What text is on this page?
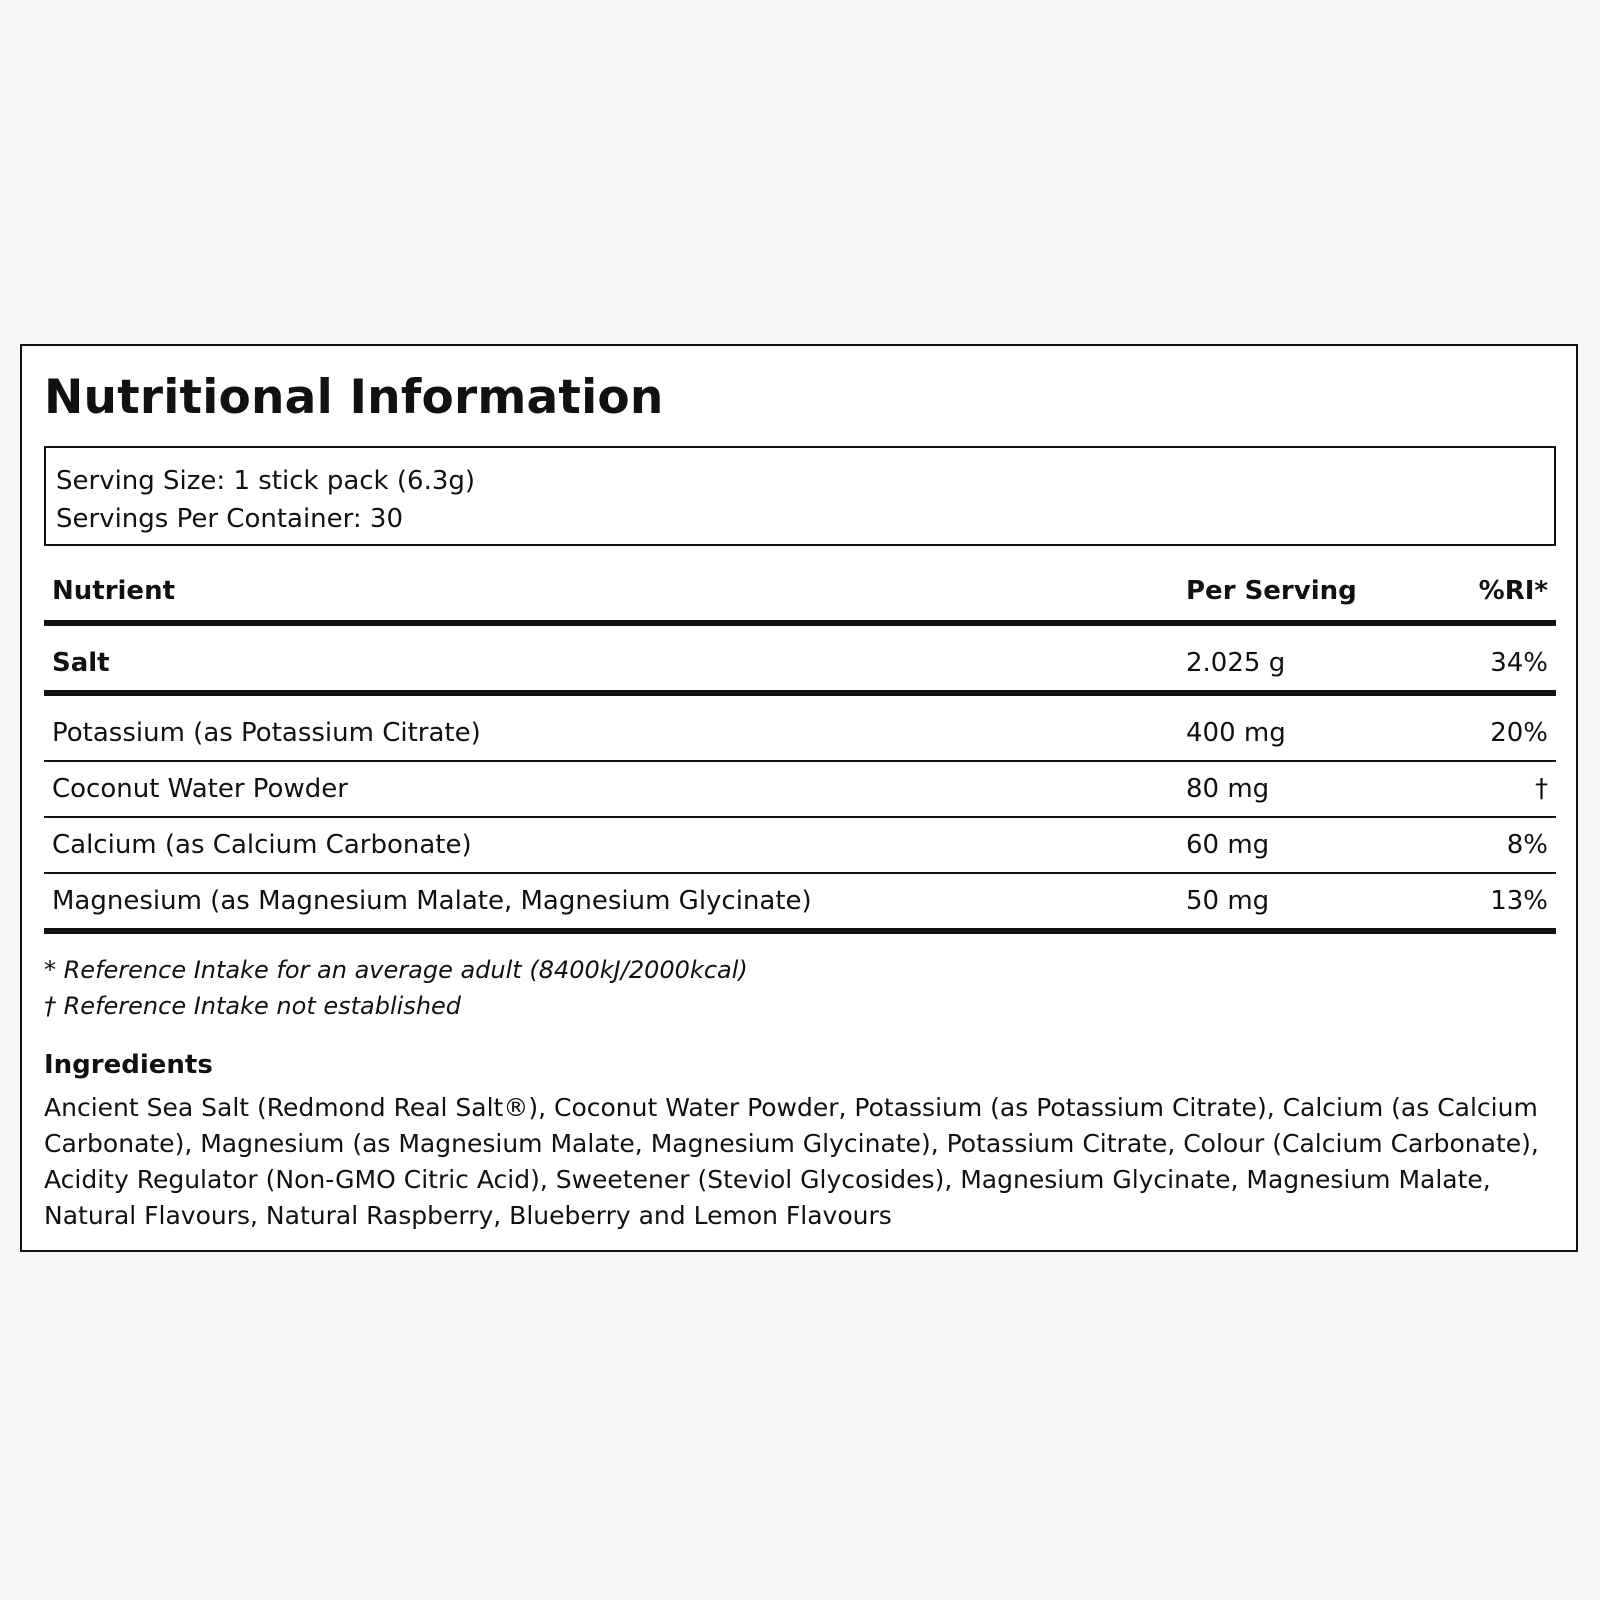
Nutritional Information
Serving Size: 1 stick pack (6.3g)
Servings Per Container: 30
Nutrient	Per Serving	%RI*
Salt	2.025 g	34%
Potassium (as Potassium Citrate)	400 mg	20%
Coconut Water Powder	80 mg	†
Calcium (as Calcium Carbonate)	60 mg	8%
Magnesium (as Magnesium Malate, Magnesium Glycinate)	50 mg	13%
* Reference Intake for an average adult (8400kJ/2000kcal)
† Reference Intake not established
Ingredients

Ancient Sea Salt (Redmond Real Salt®), Coconut Water Powder, Potassium (as Potassium Citrate), Calcium (as Calcium Carbonate), Magnesium (as Magnesium Malate, Magnesium Glycinate), Potassium Citrate, Colour (Calcium Carbonate), Acidity Regulator (Non-GMO Citric Acid), Sweetener (Steviol Glycosides), Magnesium Glycinate, Magnesium Malate, Natural Flavours, Natural Raspberry, Blueberry and Lemon Flavours
